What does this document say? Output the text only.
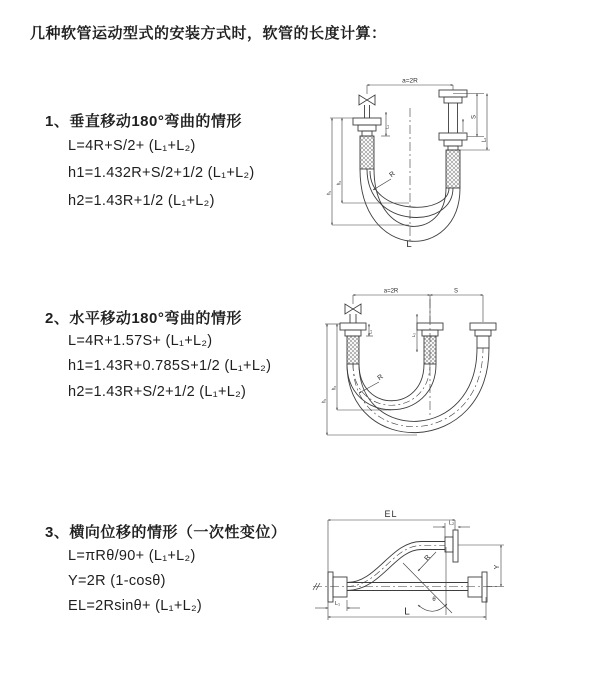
几种软管运动型式的安装方式时，软管的长度计算：
1、垂直移动180°弯曲的情形
L=4R+S/2+ (L₁+L₂)
h1=1.432R+S/2+1/2 (L₁+L₂)
h2=1.43R+1/2 (L₁+L₂)
2、水平移动180°弯曲的情形
L=4R+1.57S+ (L₁+L₂)
h1=1.43R+0.785S+1/2 (L₁+L₂)
h2=1.43R+S/2+1/2 (L₁+L₂)
3、横向位移的情形（一次性变位）
L=πRθ/90+ (L₁+L₂)
Y=2R (1-cosθ)
EL=2Rsinθ+ (L₁+L₂)
a=2R
S
L₂
L₁
h₁
h₂
R
L
a=2R	S
L₁
L₂
h₁
h₂
R
EL
L₂
Y
R
θ
L
L₁
